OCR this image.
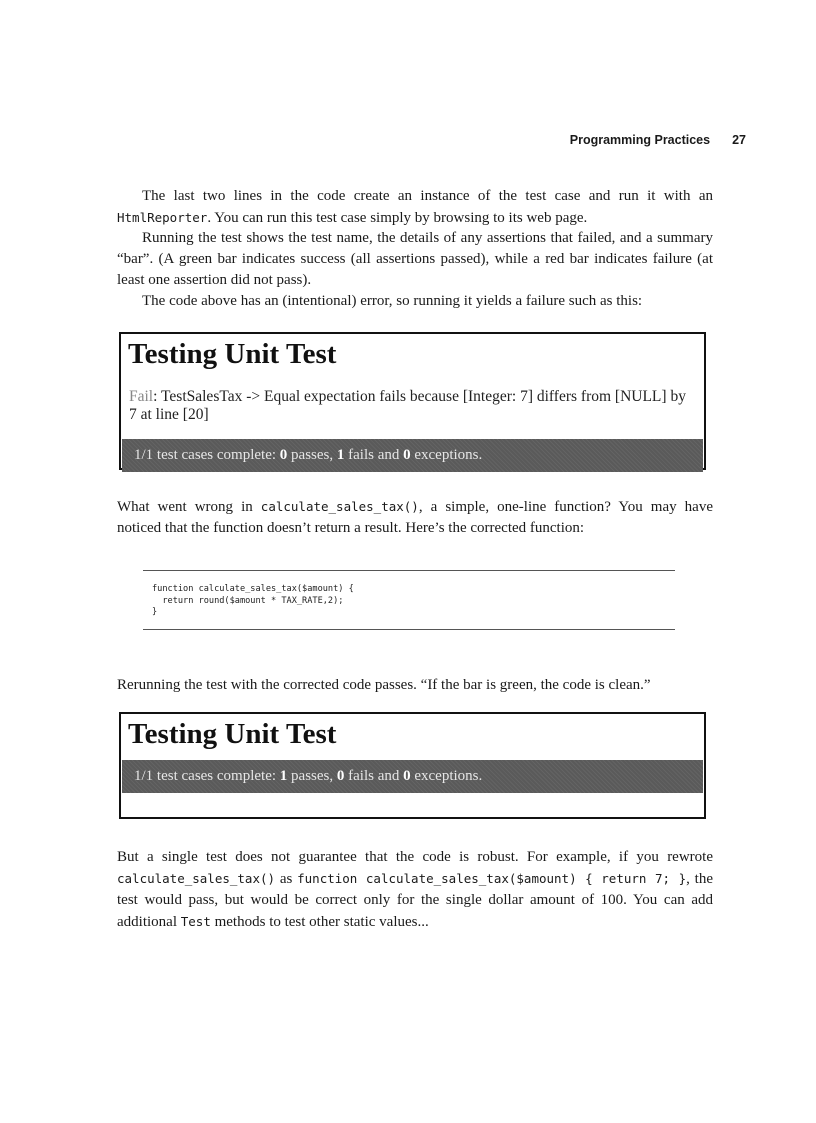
Programming Practices 27

The last two lines in the code create an instance of the test case and run it with an HtmlReporter. You can run this test case simply by browsing to its web page.

Running the test shows the test name, the details of any assertions that failed, and a summary “bar”. (A green bar indicates success (all assertions passed), while a red bar indicates failure (at least one assertion did not pass).

The code above has an (intentional) error, so running it yields a failure such as this:

Testing Unit Test
Fail: TestSalesTax -> Equal expectation fails because [Integer: 7] differs from [NULL] by 7 at line [20]
1/1 test cases complete: 0 passes, 1 fails and 0 exceptions.

What went wrong in calculate_sales_tax(), a simple, one-line function? You may have noticed that the function doesn’t return a result. Here’s the corrected function:

function calculate_sales_tax($amount) {
return round($amount * TAX_RATE,2);
}

Rerunning the test with the corrected code passes. “If the bar is green, the code is clean.”

Testing Unit Test
1/1 test cases complete: 1 passes, 0 fails and 0 exceptions.

But a single test does not guarantee that the code is robust. For example, if you rewrote calculate_sales_tax() as function calculate_sales_tax($amount) { return 7; }, the test would pass, but would be correct only for the single dollar amount of 100. You can add additional Test methods to test other static values...
